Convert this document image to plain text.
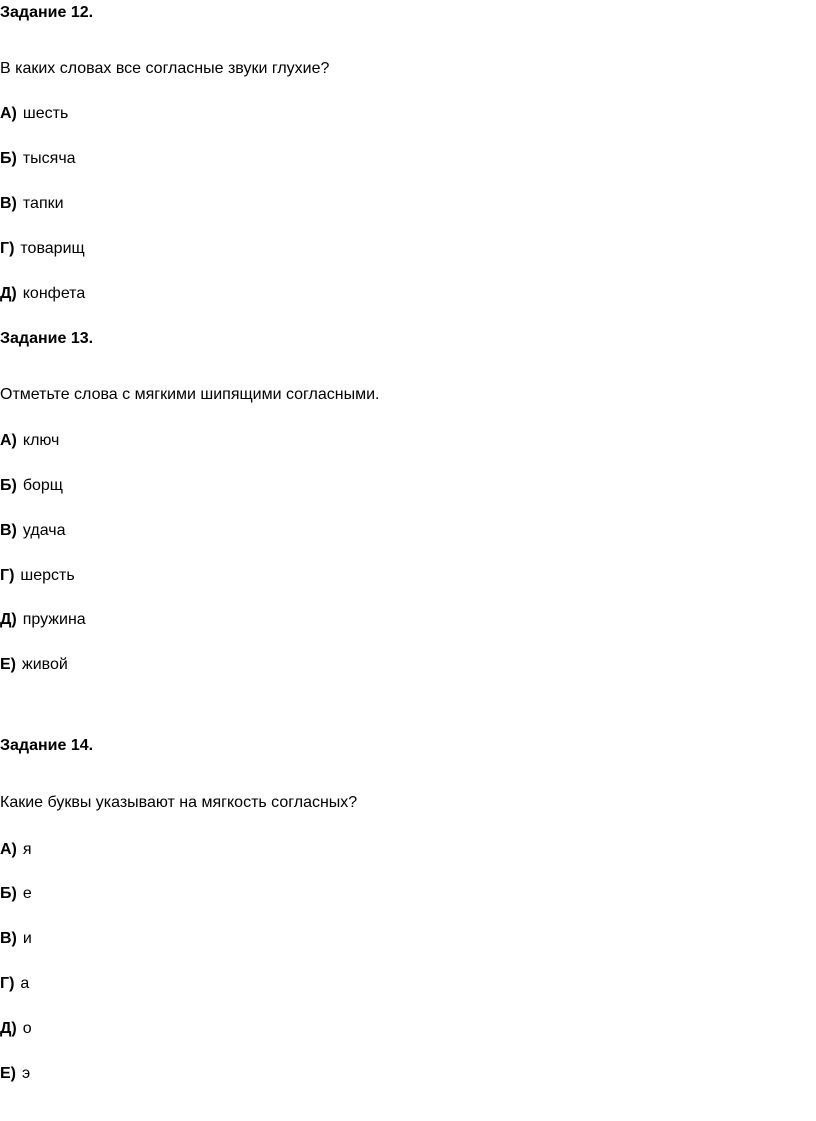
Задание 12.
В каких словах все согласные звуки глухие?
А) шесть
Б) тысяча
В) тапки
Г) товарищ
Д) конфета
Задание 13.
Отметьте слова с мягкими шипящими согласными.
А) ключ
Б) борщ
В) удача
Г) шерсть
Д) пружина
Е) живой
Задание 14.
Какие буквы указывают на мягкость согласных?
А) я
Б) е
В) и
Г) а
Д) о
Е) э
